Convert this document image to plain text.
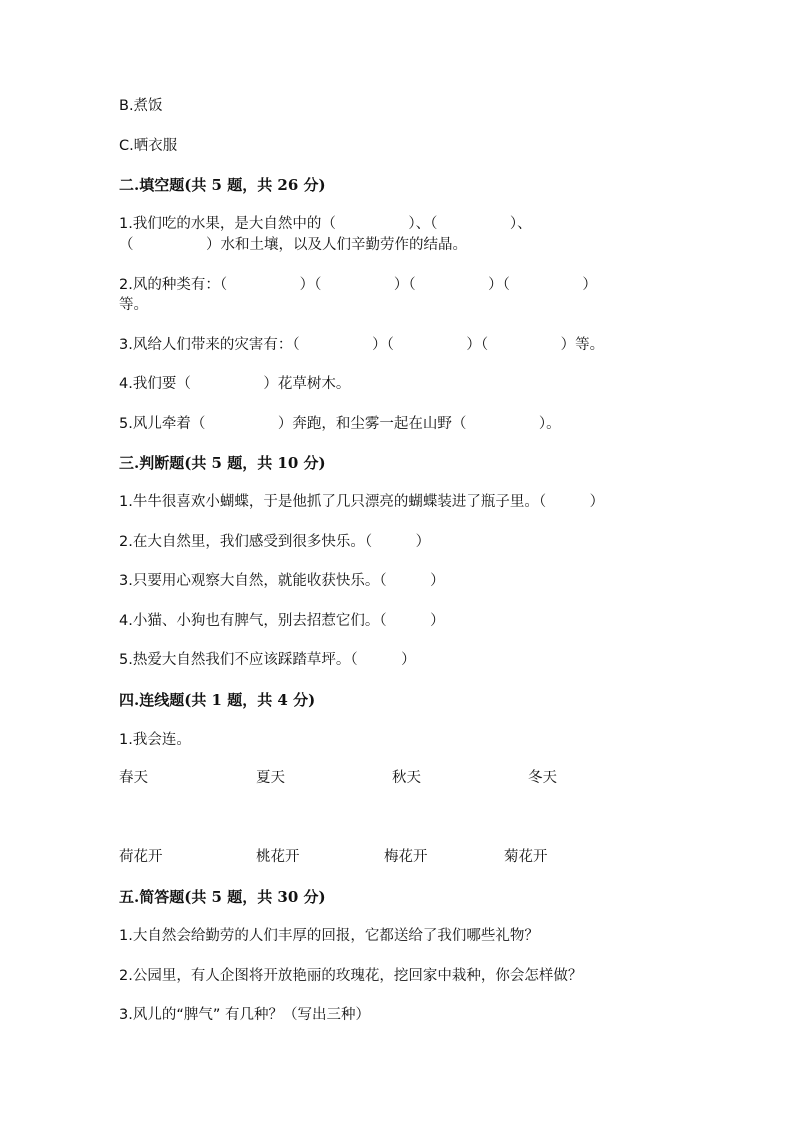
B.煮饭
C.晒衣服
二.填空题(共 5 题，共 26 分)
1.我们吃的水果，是大自然中的（　　　　　）、（　　　　　）、
（　　　　　）水和土壤，以及人们辛勤劳作的结晶。
2.风的种类有：（　　　　　）（　　　　　）（　　　　　）（　　　　　）
等。
3.风给人们带来的灾害有：（　　　　　）（　　　　　）（　　　　　）等。
4.我们要（　　　　　）花草树木。
5.风儿牵着（　　　　　）奔跑，和尘雾一起在山野（　　　　　）。
三.判断题(共 5 题，共 10 分)
1.牛牛很喜欢小蝴蝶，于是他抓了几只漂亮的蝴蝶装进了瓶子里。（　　　）
2.在大自然里，我们感受到很多快乐。（　　　）
3.只要用心观察大自然，就能收获快乐。（　　　）
4.小猫、小狗也有脾气，别去招惹它们。（　　　）
5.热爱大自然我们不应该踩踏草坪。（　　　）
四.连线题(共 1 题，共 4 分)
1.我会连。
春天	夏天	秋天	冬天
荷花开	桃花开	梅花开	菊花开
五.简答题(共 5 题，共 30 分)
1.大自然会给勤劳的人们丰厚的回报，它都送给了我们哪些礼物？
2.公园里，有人企图将开放艳丽的玫瑰花，挖回家中栽种，你会怎样做？
3.风儿的“脾气” 有几种？（写出三种）
